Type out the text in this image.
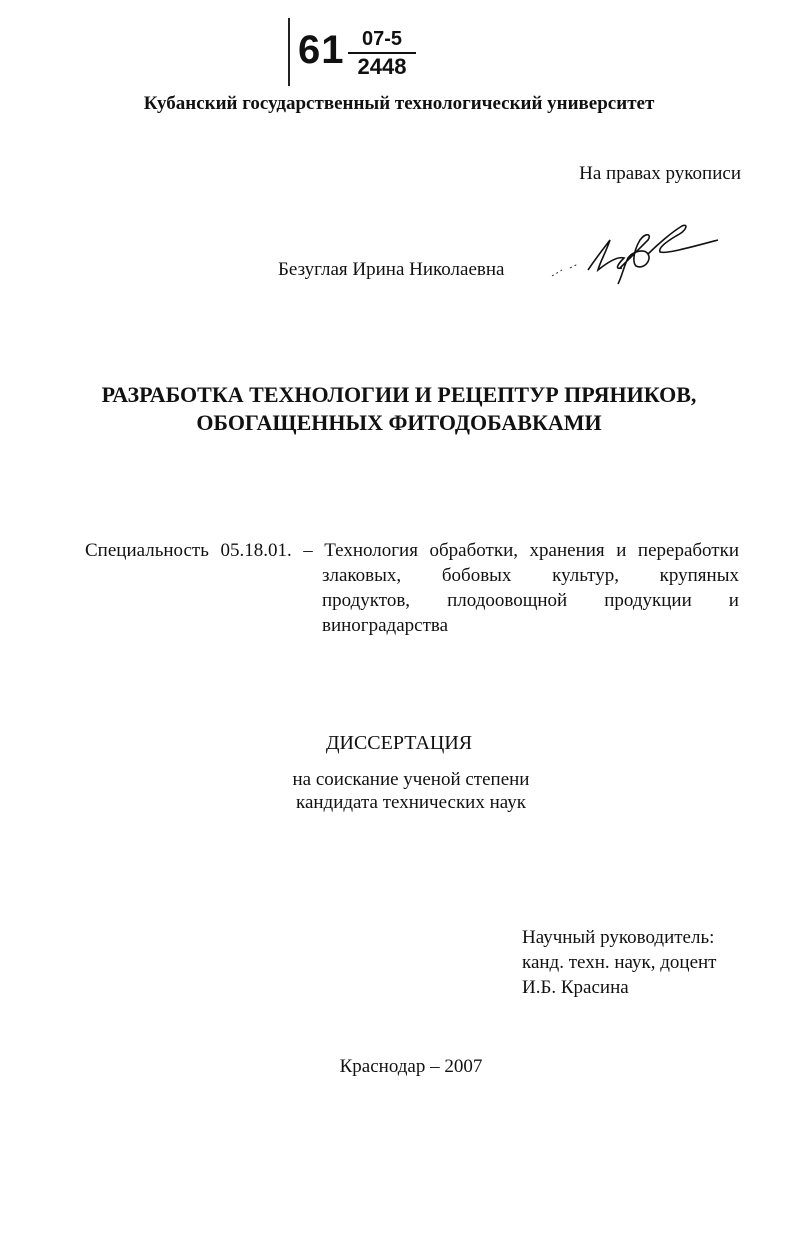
61 07-5
2448
Кубанский государственный технологический университет
На правах рукописи
Безуглая Ирина Николаевна
РАЗРАБОТКА ТЕХНОЛОГИИ И РЕЦЕПТУР ПРЯНИКОВ,
ОБОГАЩЕННЫХ ФИТОДОБАВКАМИ
Специальность 05.18.01. – Технология обработки, хранения и переработки
злаковых, бобовых культур, крупяных
продуктов, плодоовощной продукции и
виноградарства
ДИССЕРТАЦИЯ
на соискание ученой степени
кандидата технических наук
Научный руководитель:
канд. техн. наук, доцент
И.Б. Красина
Краснодар – 2007
